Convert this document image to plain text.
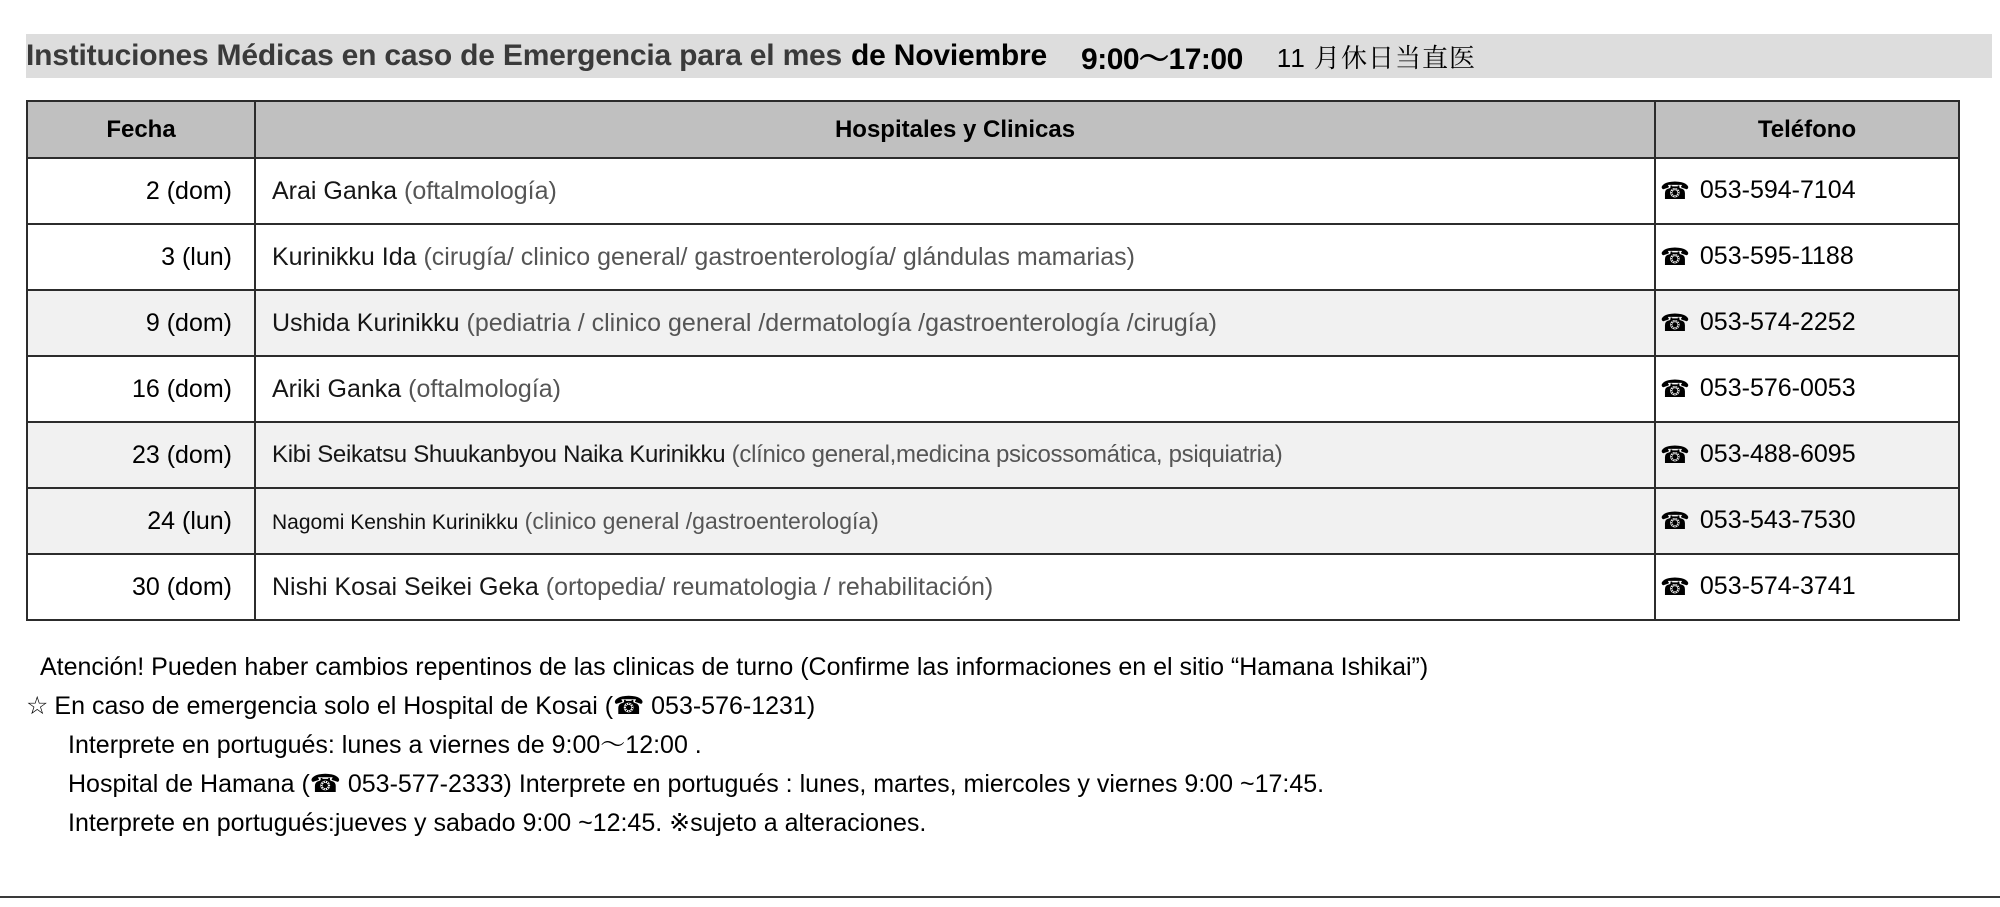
Instituciones Médicas en caso de Emergencia para el mes de Noviembre 9:00〜17:00 11 月休日当直医
Fecha	Hospitales y Clinicas	Teléfono
2 (dom)	Arai Ganka (oftalmología)	☎ 053-594-7104
3 (lun)	Kurinikku Ida (cirugía/ clinico general/ gastroenterología/ glándulas mamarias)	☎ 053-595-1188
9 (dom)	Ushida Kurinikku (pediatria / clinico general /dermatología /gastroenterología /cirugía)	☎ 053-574-2252
16 (dom)	Ariki Ganka (oftalmología)	☎ 053-576-0053
23 (dom)	Kibi Seikatsu Shuukanbyou Naika Kurinikku (clínico general,medicina psicossomática, psiquiatria)	☎ 053-488-6095
24 (lun)	Nagomi Kenshin Kurinikku (clinico general /gastroenterología)	☎ 053-543-7530
30 (dom)	Nishi Kosai Seikei Geka (ortopedia/ reumatologia / rehabilitación)	☎ 053-574-3741
Atención! Pueden haber cambios repentinos de las clinicas de turno (Confirme las informaciones en el sitio “Hamana Ishikai”)
☆ En caso de emergencia solo el Hospital de Kosai (☎ 053-576-1231)
Interprete en portugués: lunes a viernes de 9:00〜12:00 .
Hospital de Hamana (☎ 053-577-2333) Interprete en portugués : lunes, martes, miercoles y viernes 9:00 ~17:45.
Interprete en portugués:jueves y sabado 9:00 ~12:45. ※sujeto a alteraciones.
